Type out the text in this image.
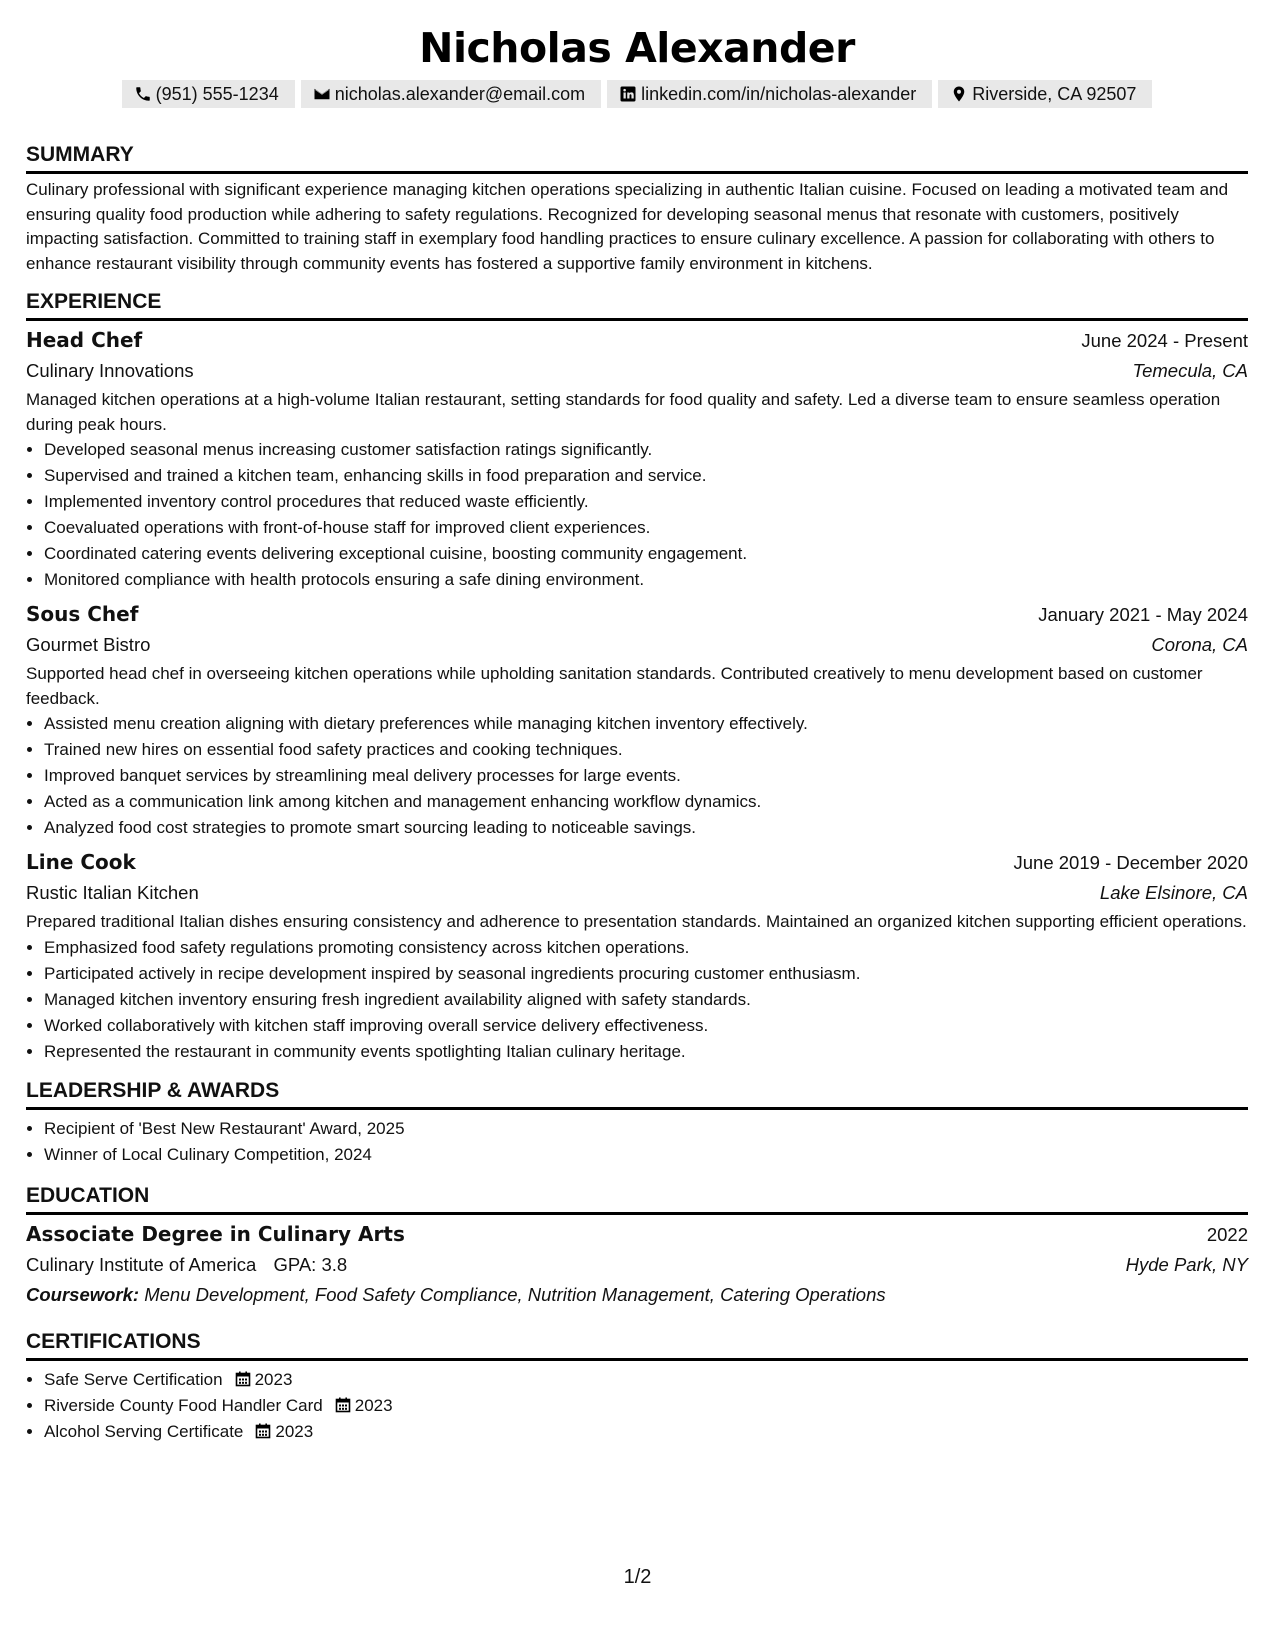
Nicholas Alexander
(951) 555-1234	nicholas.alexander@email.com	linkedin.com/in/nicholas-alexander	Riverside, CA 92507
SUMMARY

Culinary professional with significant experience managing kitchen operations specializing in authentic Italian cuisine. Focused on leading a motivated team and ensuring quality food production while adhering to safety regulations. Recognized for developing seasonal menus that resonate with customers, positively impacting satisfaction. Committed to training staff in exemplary food handling practices to ensure culinary excellence. A passion for collaborating with others to enhance restaurant visibility through community events has fostered a supportive family environment in kitchens.

EXPERIENCE
Head Chef	June 2024 - Present
Culinary Innovations	Temecula, CA

Managed kitchen operations at a high-volume Italian restaurant, setting standards for food quality and safety. Led a diverse team to ensure seamless operation during peak hours.

• Developed seasonal menus increasing customer satisfaction ratings significantly.
• Supervised and trained a kitchen team, enhancing skills in food preparation and service.
• Implemented inventory control procedures that reduced waste efficiently.
• Coevaluated operations with front-of-house staff for improved client experiences.
• Coordinated catering events delivering exceptional cuisine, boosting community engagement.
• Monitored compliance with health protocols ensuring a safe dining environment.
Sous Chef	January 2021 - May 2024
Gourmet Bistro	Corona, CA

Supported head chef in overseeing kitchen operations while upholding sanitation standards. Contributed creatively to menu development based on customer feedback.

• Assisted menu creation aligning with dietary preferences while managing kitchen inventory effectively.
• Trained new hires on essential food safety practices and cooking techniques.
• Improved banquet services by streamlining meal delivery processes for large events.
• Acted as a communication link among kitchen and management enhancing workflow dynamics.
• Analyzed food cost strategies to promote smart sourcing leading to noticeable savings.
Line Cook	June 2019 - December 2020
Rustic Italian Kitchen	Lake Elsinore, CA

Prepared traditional Italian dishes ensuring consistency and adherence to presentation standards. Maintained an organized kitchen supporting efficient operations.

• Emphasized food safety regulations promoting consistency across kitchen operations.
• Participated actively in recipe development inspired by seasonal ingredients procuring customer enthusiasm.
• Managed kitchen inventory ensuring fresh ingredient availability aligned with safety standards.
• Worked collaboratively with kitchen staff improving overall service delivery effectiveness.
• Represented the restaurant in community events spotlighting Italian culinary heritage.
LEADERSHIP & AWARDS
• Recipient of 'Best New Restaurant' Award, 2025
• Winner of Local Culinary Competition, 2024
EDUCATION
Associate Degree in Culinary Arts	2022
Culinary Institute of America GPA: 3.8	Hyde Park, NY
Coursework: Menu Development, Food Safety Compliance, Nutrition Management, Catering Operations
CERTIFICATIONS
• Safe Serve Certification 2023
• Riverside County Food Handler Card 2023
• Alcohol Serving Certificate 2023
1/2
